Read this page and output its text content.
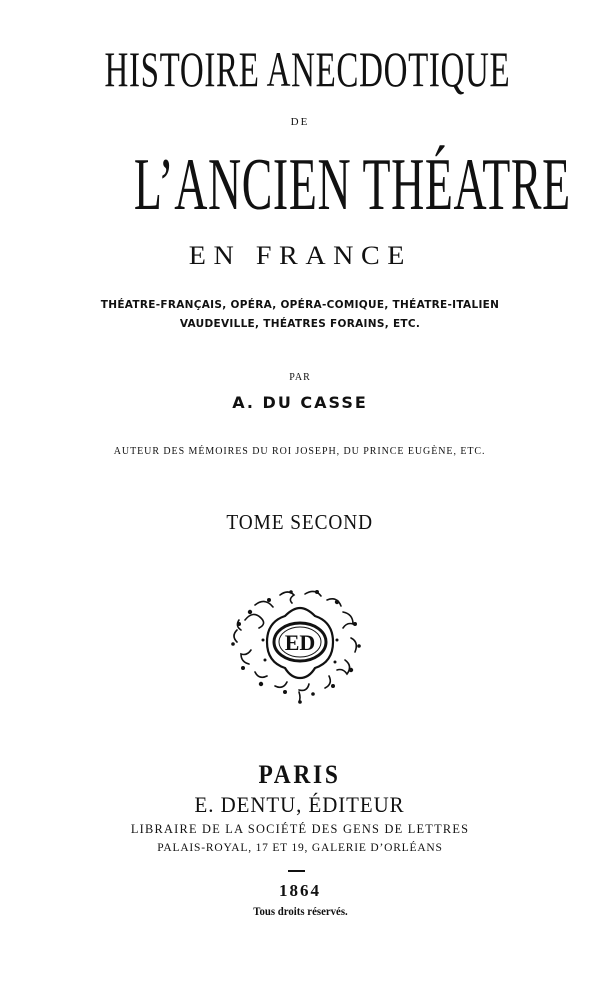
HISTOIRE ANECDOTIQUE
DE
L’ANCIEN THÉATRE
EN FRANCE
THÉATRE-FRANÇAIS, OPÉRA, OPÉRA-COMIQUE, THÉATRE-ITALIEN
VAUDEVILLE, THÉATRES FORAINS, ETC.
PAR
A. DU CASSE
AUTEUR DES MÉMOIRES DU ROI JOSEPH, DU PRINCE EUGÈNE, ETC.
TOME SECOND
ED
PARIS
E. DENTU, ÉDITEUR
LIBRAIRE DE LA SOCIÉTÉ DES GENS DE LETTRES
PALAIS-ROYAL, 17 ET 19, GALERIE D’ORLÉANS
1864
Tous droits réservés.
